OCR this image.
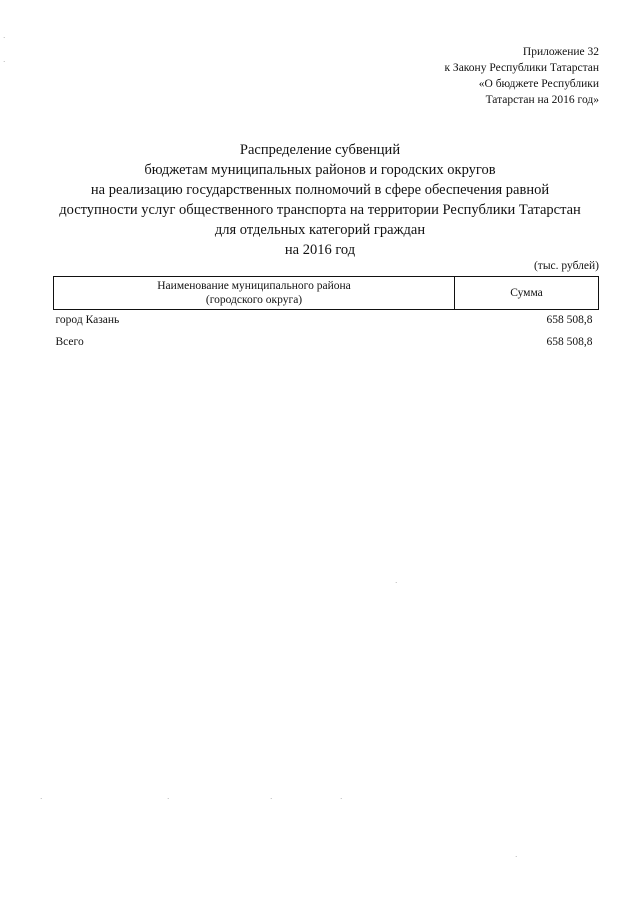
Приложение 32
к Закону Республики Татарстан
«О бюджете Республики
Татарстан на 2016 год»
Распределение субвенций
бюджетам муниципальных районов и городских округов
на реализацию государственных полномочий в сфере обеспечения равной
доступности услуг общественного транспорта на территории Республики Татарстан
для отдельных категорий граждан
на 2016 год
(тыс. рублей)
Наименование муниципального района
(городского округа)	Сумма
город Казань	658 508,8
Всего	658 508,8
·
·
·
·	·	·	·
·
